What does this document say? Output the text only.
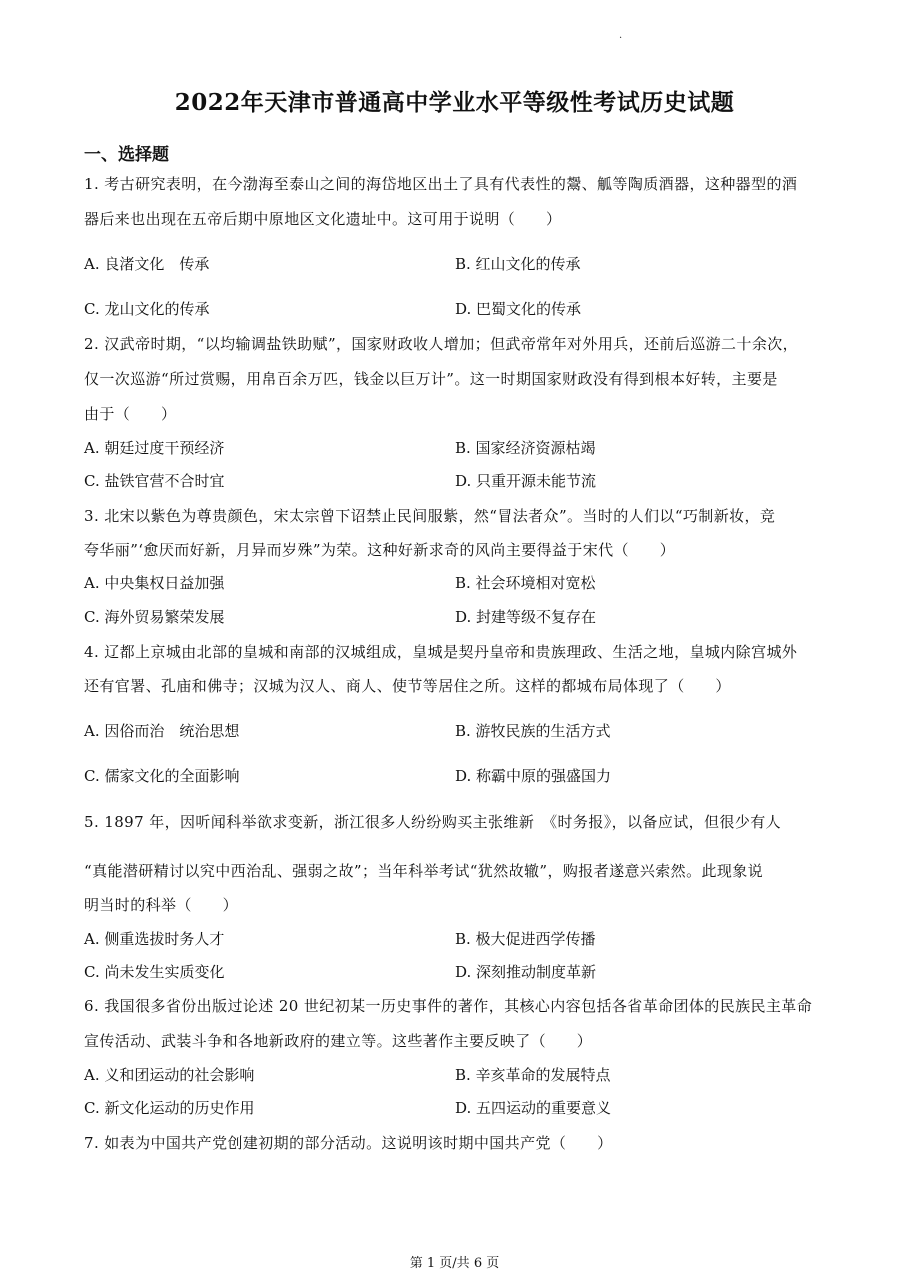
.
2022年天津市普通高中学业水平等级性考试历史试题
一、选择题

1. 考古研究表明，在今渤海至泰山之间的海岱地区出土了具有代表性的鬶、觚等陶质酒器，这种器型的酒

器后来也出现在五帝后期中原地区文化遗址中。这可用于说明（　　）

A. 良渚文化　传承	B. 红山文化的传承

C. 龙山文化的传承	D. 巴蜀文化的传承

2. 汉武帝时期，“以均输调盐铁助赋”，国家财政收人增加；但武帝常年对外用兵，还前后巡游二十余次，

仅一次巡游“所过赏赐，用帛百余万匹，钱金以巨万计”。这一时期国家财政没有得到根本好转，主要是

由于（　　）

A. 朝廷过度干预经济	B. 国家经济资源枯竭

C. 盐铁官营不合时宜	D. 只重开源未能节流

3. 北宋以紫色为尊贵颜色，宋太宗曾下诏禁止民间服紫，然“冒法者众”。当时的人们以“巧制新妆，竞

夸华丽”‘愈厌而好新，月异而岁殊”为荣。这种好新求奇的风尚主要得益于宋代（　　）

A. 中央集权日益加强	B. 社会环境相对宽松

C. 海外贸易繁荣发展	D. 封建等级不复存在

4. 辽都上京城由北部的皇城和南部的汉城组成，皇城是契丹皇帝和贵族理政、生活之地，皇城内除宫城外

还有官署、孔庙和佛寺；汉城为汉人、商人、使节等居住之所。这样的都城布局体现了（　　）

A. 因俗而治　统治思想	B. 游牧民族的生活方式

C. 儒家文化的全面影响	D. 称霸中原的强盛国力

5. 1897 年，因听闻科举欲求变新，浙江很多人纷纷购买主张维新　《时务报》，以备应试，但很少有人

“真能潜研精讨以究中西治乱、强弱之故”；当年科举考试“犹然故辙”，购报者遂意兴索然。此现象说

明当时的科举（　　）

A. 侧重选拔时务人才	B. 极大促进西学传播

C. 尚未发生实质变化	D. 深刻推动制度革新

6. 我国很多省份出版过论述 20 世纪初某一历史事件的著作，其核心内容包括各省革命团体的民族民主革命

宣传活动、武装斗争和各地新政府的建立等。这些著作主要反映了（　　）

A. 义和团运动的社会影响	B. 辛亥革命的发展特点

C. 新文化运动的历史作用	D. 五四运动的重要意义

7. 如表为中国共产党创建初期的部分活动。这说明该时期中国共产党（　　）

第 1 页/共 6 页
